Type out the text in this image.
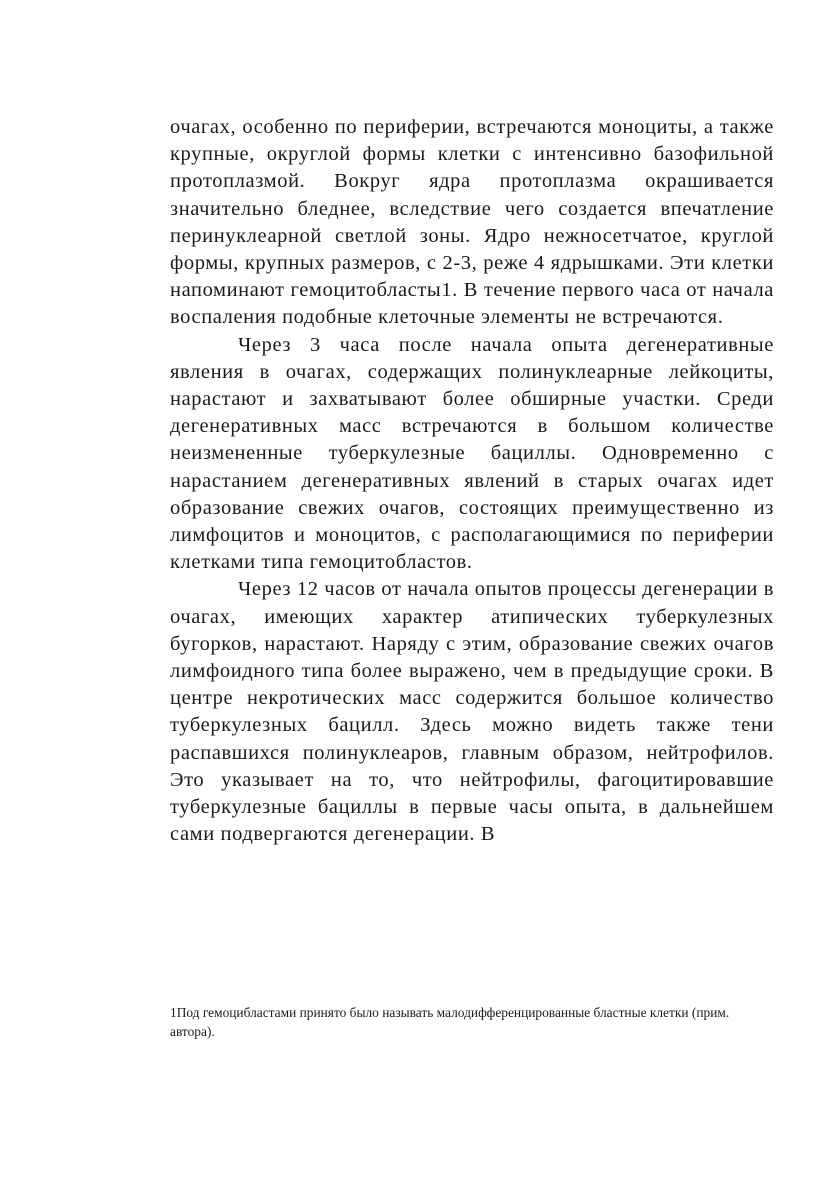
очагах, особенно по периферии, встречаются моноциты, а также крупные, округлой формы клетки с интенсивно базофильной протоплазмой. Вокруг ядра протоплазма окрашивается значительно бледнее, вследствие чего создается впечатление перинуклеарной светлой зоны. Ядро нежносетчатое, круглой формы, крупных размеров, с 2-3, реже 4 ядрышками. Эти клетки напоминают гемоцитобласты1. В течение первого часа от начала воспаления подобные клеточные элементы не встречаются.

Через 3 часа после начала опыта дегенеративные явления в очагах, содержащих полинуклеарные лейкоциты, нарастают и захватывают более обширные участки. Среди дегенеративных масс встречаются в большом количестве неизмененные туберкулезные бациллы. Одновременно с нарастанием дегенеративных явлений в старых очагах идет образование свежих очагов, состоящих преимущественно из лимфоцитов и моноцитов, с располагающимися по периферии клетками типа гемоцитобластов.

Через 12 часов от начала опытов процессы дегенерации в очагах, имеющих характер атипических туберкулезных бугорков, нарастают. Наряду с этим, образование свежих очагов лимфоидного типа более выражено, чем в предыдущие сроки. В центре некротических масс содержится большое количество туберкулезных бацилл. Здесь можно видеть также тени распавшихся полинуклеаров, главным образом, нейтрофилов. Это указывает на то, что нейтрофилы, фагоцитировавшие туберкулезные бациллы в первые часы опыта, в дальнейшем сами подвергаются дегенерации. В

1Под гемоцибластами принято было называть малодифференцированные бластные клетки (прим. автора).
